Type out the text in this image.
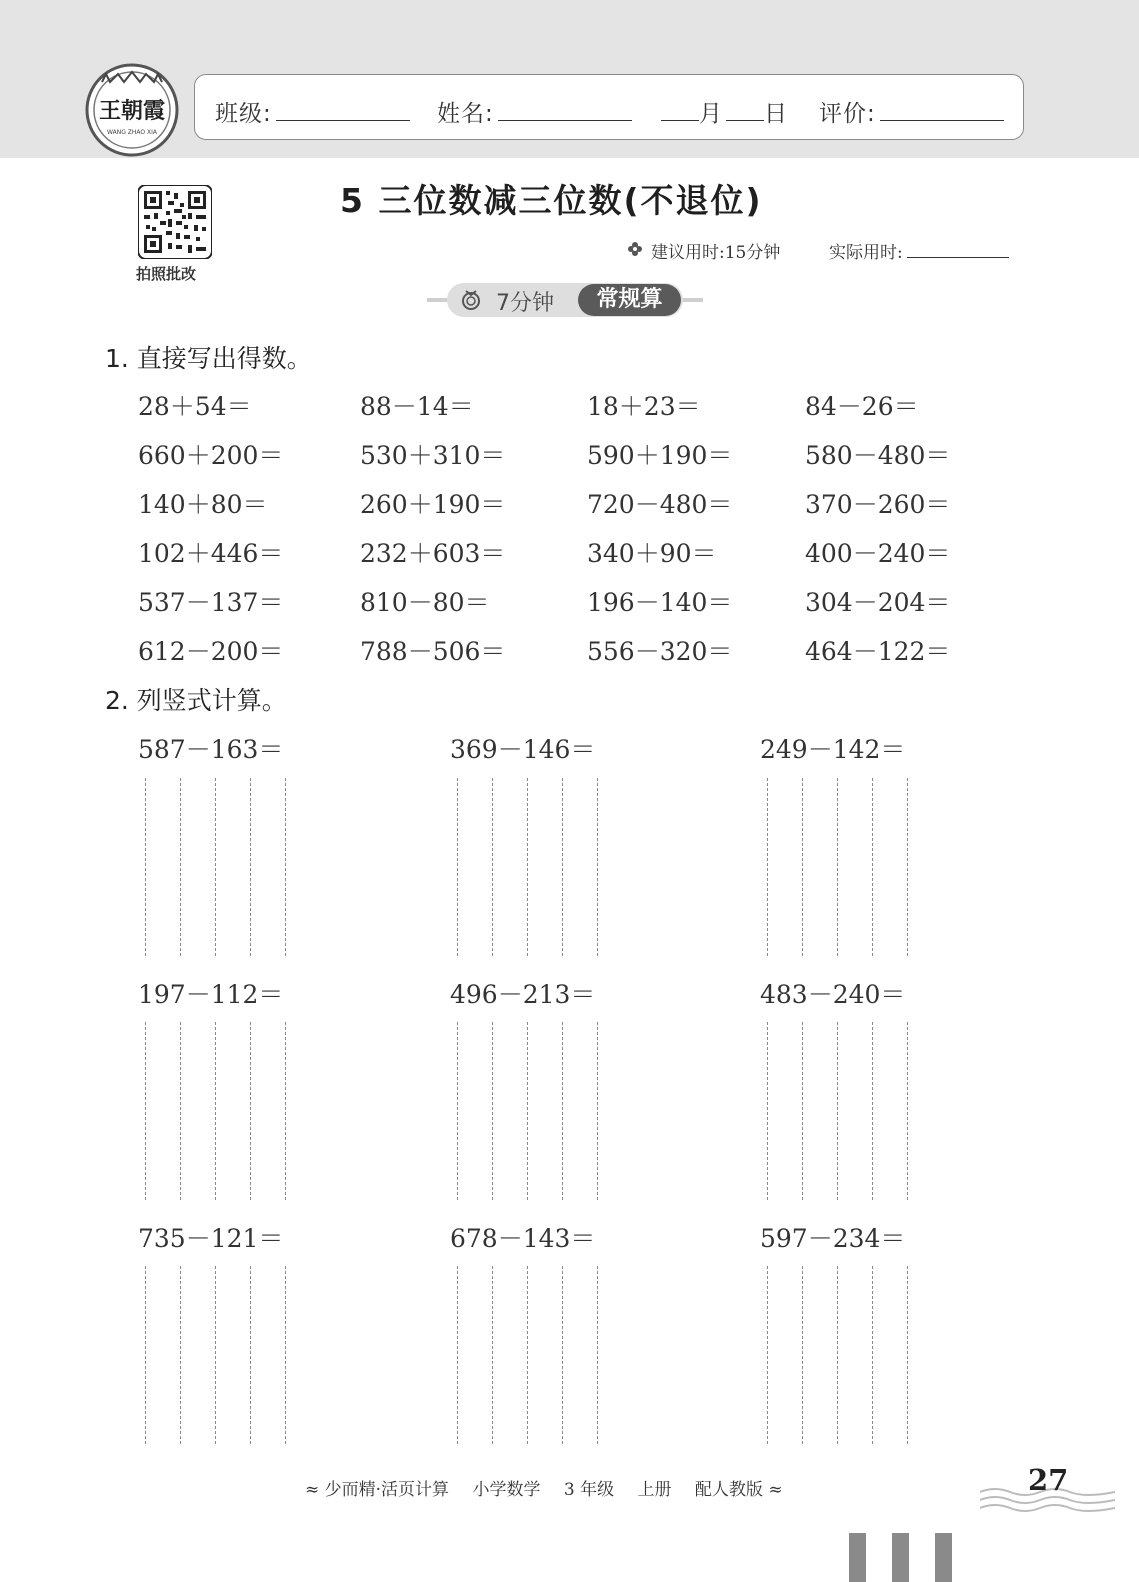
王朝霞
WANG ZHAO XIA
班级:	姓名:	月 日 评价:
拍照批改
5 三位数减三位数(不退位)
建议用时:15分钟	实际用时:
7分钟	常规算
1. 直接写出得数。
28＋54＝	88－14＝	18＋23＝	84－26＝
660＋200＝	530＋310＝	590＋190＝	580－480＝
140＋80＝	260＋190＝	720－480＝	370－260＝
102＋446＝	232＋603＝	340＋90＝	400－240＝
537－137＝	810－80＝	196－140＝	304－204＝
612－200＝	788－506＝	556－320＝	464－122＝
2. 列竖式计算。
587－163＝	369－146＝	249－142＝
197－112＝	496－213＝	483－240＝
735－121＝	678－143＝	597－234＝
≈ 少而精·活页计算 小学数学 3 年级 上册 配人教版 ≈	27
